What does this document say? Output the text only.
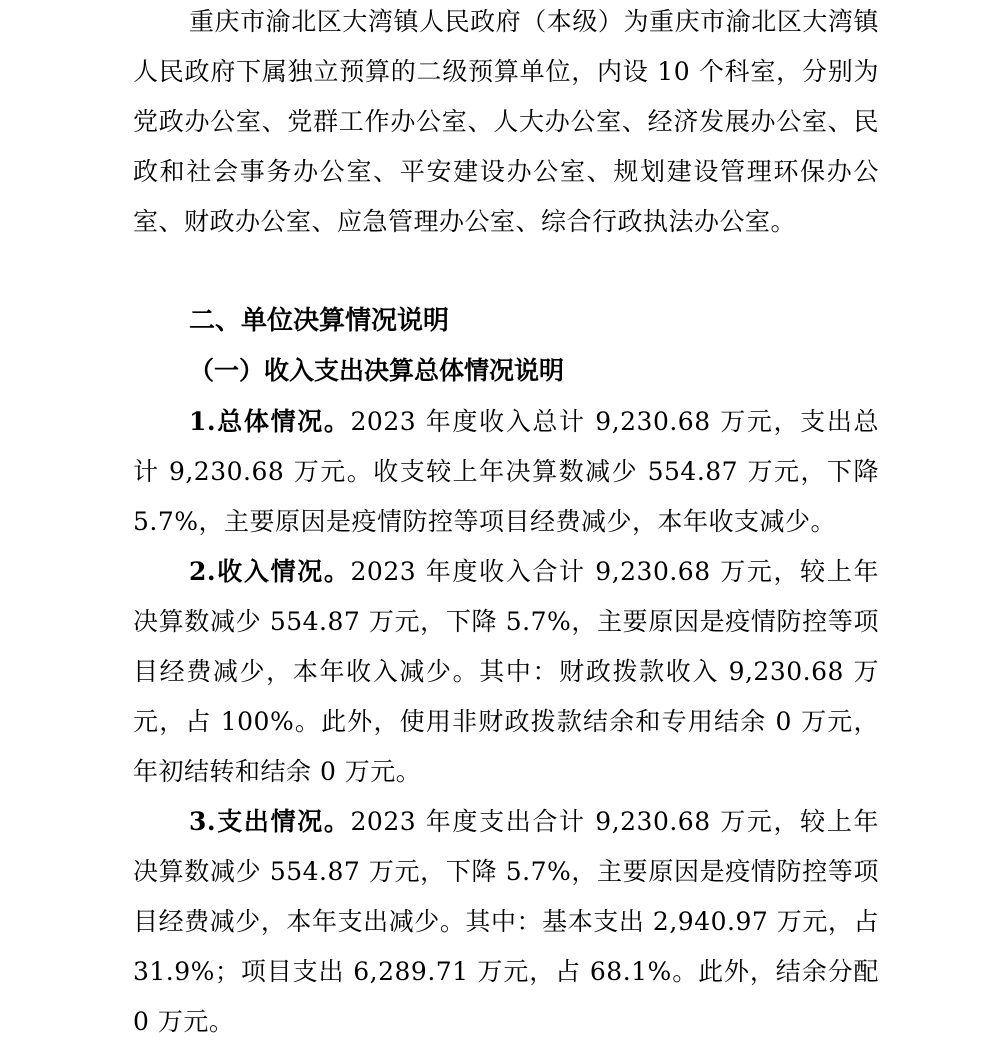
重庆市渝北区大湾镇人民政府（本级）为重庆市渝北区大湾镇人民政府下属独立预算的二级预算单位，内设 10 个科室，分别为党政办公室、党群工作办公室、人大办公室、经济发展办公室、民政和社会事务办公室、平安建设办公室、规划建设管理环保办公室、财政办公室、应急管理办公室、综合行政执法办公室。

二、单位决算情况说明
（一）收入支出决算总体情况说明

1.总体情况。2023 年度收入总计 9,230.68 万元，支出总计 9,230.68 万元。收支较上年决算数减少 554.87 万元，下降 5.7%，主要原因是疫情防控等项目经费减少，本年收支减少。

2.收入情况。2023 年度收入合计 9,230.68 万元，较上年决算数减少 554.87 万元，下降 5.7%，主要原因是疫情防控等项目经费减少，本年收入减少。其中：财政拨款收入 9,230.68 万元，占 100%。此外，使用非财政拨款结余和专用结余 0 万元，年初结转和结余 0 万元。

3.支出情况。2023 年度支出合计 9,230.68 万元，较上年决算数减少 554.87 万元，下降 5.7%，主要原因是疫情防控等项目经费减少，本年支出减少。其中：基本支出 2,940.97 万元，占 31.9%；项目支出 6,289.71 万元，占 68.1%。此外，结余分配 0 万元。
